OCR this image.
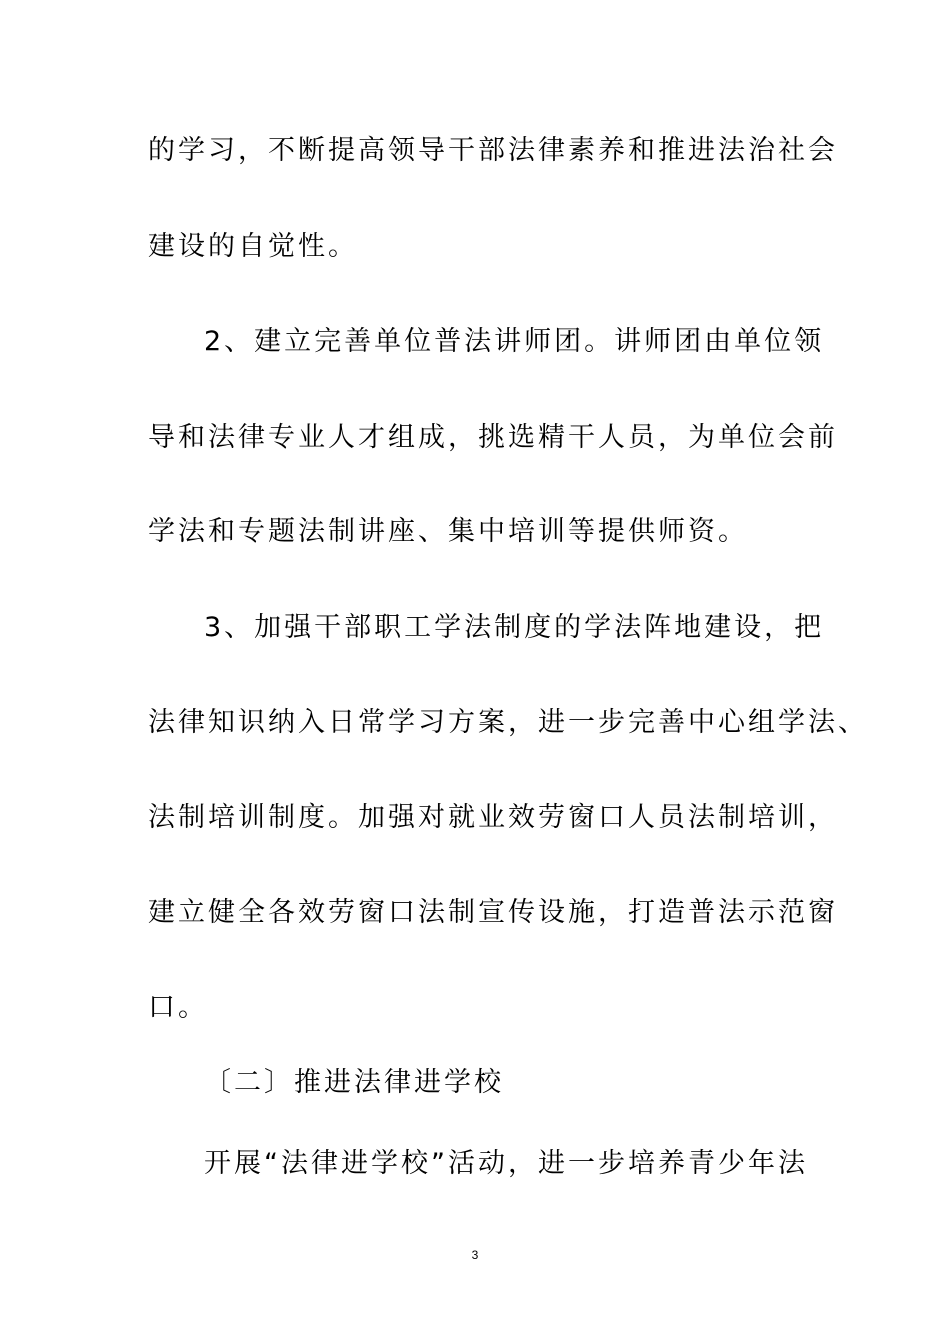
的学习，不断提高领导干部法律素养和推进法治社会
建设的自觉性。
2、建立完善单位普法讲师团。讲师团由单位领
导和法律专业人才组成，挑选精干人员，为单位会前
学法和专题法制讲座、集中培训等提供师资。
3、加强干部职工学法制度的学法阵地建设，把
法律知识纳入日常学习方案，进一步完善中心组学法、
法制培训制度。加强对就业效劳窗口人员法制培训，
建立健全各效劳窗口法制宣传设施，打造普法示范窗
口。
〔二〕推进法律进学校
开展“法律进学校”活动，进一步培养青少年法
3
